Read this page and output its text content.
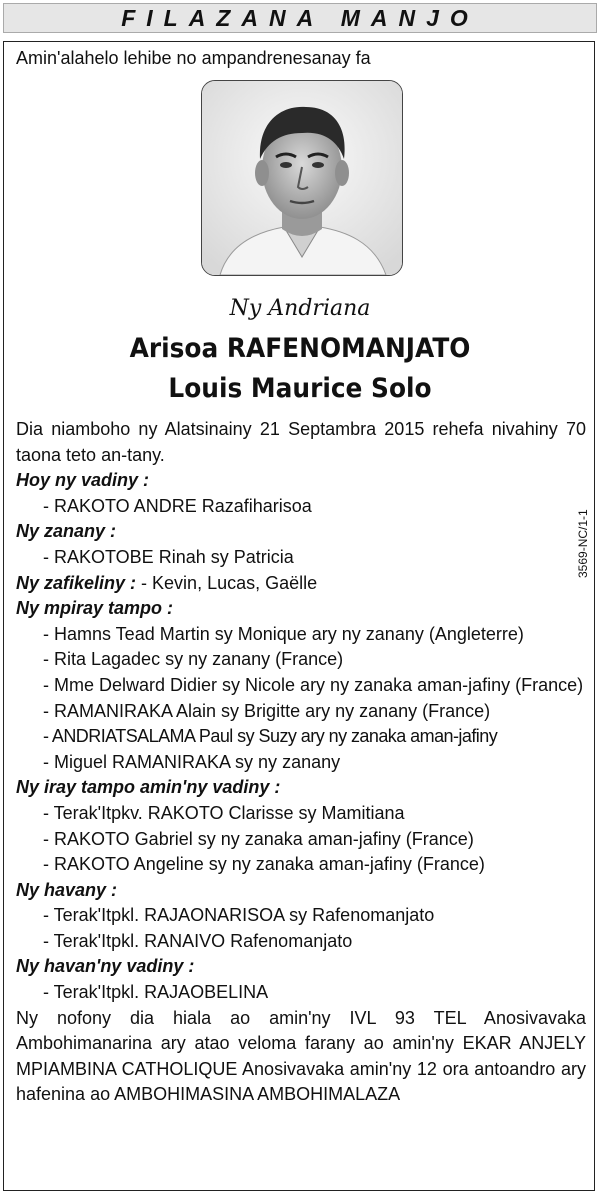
FILAZANA MANJO
Amin'alahelo lehibe no ampandrenesanay fa
Ny Andriana
Arisoa RAFENOMANJATO
Louis Maurice Solo

Dia niamboho ny Alatsinainy 21 Septambra 2015 rehefa nivahiny 70 taona teto an-tany.

Hoy ny vadiny :

- RAKOTO ANDRE Razafiharisoa

Ny zanany :

- RAKOTOBE Rinah sy Patricia

Ny zafikeliny : - Kevin, Lucas, Gaëlle

Ny mpiray tampo :

- Hamns Tead Martin sy Monique ary ny zanany (Angleterre)

- Rita Lagadec sy ny zanany (France)

- Mme Delward Didier sy Nicole ary ny zanaka aman-jafiny (France)

- RAMANIRAKA Alain sy Brigitte ary ny zanany (France)

- ANDRIATSALAMA Paul sy Suzy ary ny zanaka aman-jafiny

- Miguel RAMANIRAKA sy ny zanany

Ny iray tampo amin'ny vadiny :

- Terak'Itpkv. RAKOTO Clarisse sy Mamitiana

- RAKOTO Gabriel sy ny zanaka aman-jafiny (France)

- RAKOTO Angeline sy ny zanaka aman-jafiny (France)

Ny havany :

- Terak'Itpkl. RAJAONARISOA sy Rafenomanjato

- Terak'Itpkl. RANAIVO Rafenomanjato

Ny havan'ny vadiny :

- Terak'Itpkl. RAJAOBELINA

Ny nofony dia hiala ao amin'ny IVL 93 TEL Anosivavaka Ambohimanarina ary atao veloma farany ao amin'ny EKAR ANJELY MPIAMBINA CATHOLIQUE Anosivavaka amin'ny 12 ora antoandro ary hafenina ao AMBOHIMASINA AMBOHIMALAZA

3569-NC/1-1
